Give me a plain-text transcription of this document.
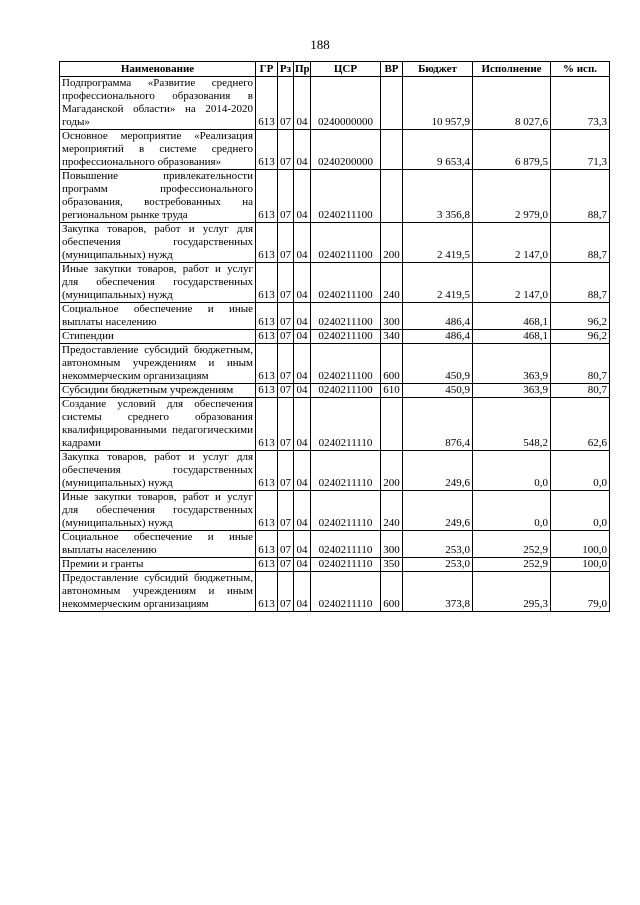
188
Наименование	ГР	Рз	Пр	ЦСР	ВР	Бюджет	Исполнение	% исп.
Подпрограмма «Развитие среднего профессионального образования в Магаданской области» на 2014-2020 годы»	613	07	04	0240000000		10 957,9	8 027,6	73,3
Основное мероприятие «Реализация мероприятий в системе среднего профессионального образования»	613	07	04	0240200000		9 653,4	6 879,5	71,3
Повышение привлекательности программ профессионального образования, востребованных на региональном рынке труда	613	07	04	0240211100		3 356,8	2 979,0	88,7
Закупка товаров, работ и услуг для обеспечения государственных (муниципальных) нужд	613	07	04	0240211100	200	2 419,5	2 147,0	88,7
Иные закупки товаров, работ и услуг для обеспечения государственных (муниципальных) нужд	613	07	04	0240211100	240	2 419,5	2 147,0	88,7
Социальное обеспечение и иные выплаты населению	613	07	04	0240211100	300	486,4	468,1	96,2
Стипендии	613	07	04	0240211100	340	486,4	468,1	96,2
Предоставление субсидий бюджетным, автономным учреждениям и иным некоммерческим организациям	613	07	04	0240211100	600	450,9	363,9	80,7
Субсидии бюджетным учреждениям	613	07	04	0240211100	610	450,9	363,9	80,7
Создание условий для обеспечения системы среднего образования квалифицированными педагогическими кадрами	613	07	04	0240211110		876,4	548,2	62,6
Закупка товаров, работ и услуг для обеспечения государственных (муниципальных) нужд	613	07	04	0240211110	200	249,6	0,0	0,0
Иные закупки товаров, работ и услуг для обеспечения государственных (муниципальных) нужд	613	07	04	0240211110	240	249,6	0,0	0,0
Социальное обеспечение и иные выплаты населению	613	07	04	0240211110	300	253,0	252,9	100,0
Премии и гранты	613	07	04	0240211110	350	253,0	252,9	100,0
Предоставление субсидий бюджетным, автономным учреждениям и иным некоммерческим организациям	613	07	04	0240211110	600	373,8	295,3	79,0
